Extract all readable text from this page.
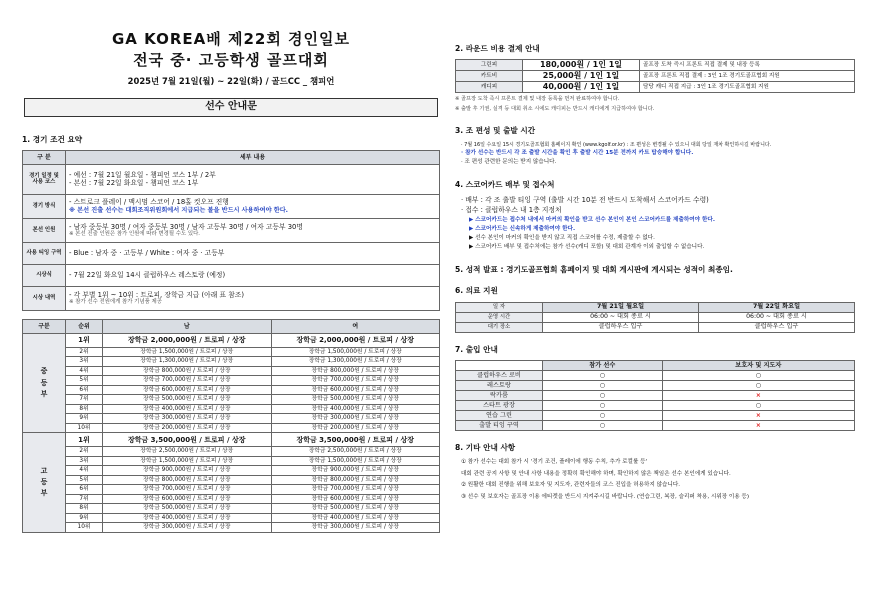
GA KOREA배 제22회 경인일보
전국 중· 고등학생 골프대회
2025년 7월 21일(월) ~ 22일(화) / 골드CC _ 챔피언
선수 안내문
1. 경기 조건 요약
구 분	세부 내용
경기 일정 및 사용 코스	- 예선 : 7월 21일 월요일 - 챔피언 코스 1부 / 2부
- 본선 : 7월 22일 화요일 - 챔피언 코스 1부

경기 방식	- 스트로크 플레이 / 맥시멈 스코어 / 18홀 컷오프 진행
※ 본선 진출 선수는 대회조직위원회에서 지급되는 볼을 반드시 사용하여야 한다.

본선 인원	- 남자 중등부 30명 / 여자 중등부 30명 / 남자 고등부 30명 / 여자 고등부 30명
※ 본선 진출 인원은 참가 인원에 따라 변경될 수도 있다.

사용 티잉 구역	- Blue : 남자 중 · 고등부 / White : 여자 중 · 고등부
시상식	- 7월 22일 화요일 14시 클럽하우스 레스토랑 (예정)
시상 내역	- 각 부별 1위 ~ 10위 : 트로피, 장학금 지급 (아래 표 참조)
※ 참가 선수 전원에게 참가 기념품 제공
구분	순위	남	여
중
등
부	1위	장학금 2,000,000원 / 트로피 / 상장	장학금 2,000,000원 / 트로피 / 상장
	2위	장학금 1,500,000원 / 트로피 / 상장	장학금 1,500,000원 / 트로피 / 상장
	3위	장학금 1,300,000원 / 트로피 / 상장	장학금 1,300,000원 / 트로피 / 상장
	4위	장학금 800,000원 / 트로피 / 상장	장학금 800,000원 / 트로피 / 상장
	5위	장학금 700,000원 / 트로피 / 상장	장학금 700,000원 / 트로피 / 상장
	6위	장학금 600,000원 / 트로피 / 상장	장학금 600,000원 / 트로피 / 상장
	7위	장학금 500,000원 / 트로피 / 상장	장학금 500,000원 / 트로피 / 상장
	8위	장학금 400,000원 / 트로피 / 상장	장학금 400,000원 / 트로피 / 상장
	9위	장학금 300,000원 / 트로피 / 상장	장학금 300,000원 / 트로피 / 상장
	10위	장학금 200,000원 / 트로피 / 상장	장학금 200,000원 / 트로피 / 상장
고
등
부	1위	장학금 3,500,000원 / 트로피 / 상장	장학금 3,500,000원 / 트로피 / 상장
	2위	장학금 2,500,000원 / 트로피 / 상장	장학금 2,500,000원 / 트로피 / 상장
	3위	장학금 1,500,000원 / 트로피 / 상장	장학금 1,500,000원 / 트로피 / 상장
	4위	장학금 900,000원 / 트로피 / 상장	장학금 900,000원 / 트로피 / 상장
	5위	장학금 800,000원 / 트로피 / 상장	장학금 800,000원 / 트로피 / 상장
	6위	장학금 700,000원 / 트로피 / 상장	장학금 700,000원 / 트로피 / 상장
	7위	장학금 600,000원 / 트로피 / 상장	장학금 600,000원 / 트로피 / 상장
	8위	장학금 500,000원 / 트로피 / 상장	장학금 500,000원 / 트로피 / 상장
	9위	장학금 400,000원 / 트로피 / 상장	장학금 400,000원 / 트로피 / 상장
	10위	장학금 300,000원 / 트로피 / 상장	장학금 300,000원 / 트로피 / 상장
2. 라운드 비용 결제 안내
그린피	180,000원 / 1인 1일	골프장 도착 즉시 프론트 직접 결제 및 내장 등록
카트비	25,000원 / 1인 1일	골프장 프론트 직접 결제 : 3인 1조 경기도골프협회 지원
캐디피	40,000원 / 1인 1일	담당 캐디 직접 지급 : 3인 1조 경기도골프협회 지원
※ 골프장 도착 즉시 프론트 결제 및 내장 등록을 먼저 완료하여야 합니다.
※ 출발 후 기권, 실격 등 대회 취소 시에도 캐디피는 반드시 캐디에게 지급하여야 합니다.
3. 조 편성 및 출발 시간
· 7월 16일 수요일 15시 경기도골프협회 홈페이지 확인 (www.kgolf.or.kr) : 조 편성은 변경될 수 있으니 대회 당일 재차 확인하시길 바랍니다.
· 참가 선수는 반드시 각 조 출발 시간을 확인 후 출발 시간 15분 전까지 카트 탑승해야 합니다.
· 조 편성 관련한 문의는 받지 않습니다.
4. 스코어카드 배부 및 접수처
· 배부 : 각 조 출발 티잉 구역 (출발 시간 10분 전 반드시 도착해서 스코어카드 수령)
· 접수 : 클럽하우스 내 1층 지정처
▶ 스코어카드는 접수처 내에서 마커의 확인을 받고 선수 본인이 본인 스코어카드를 제출하여야 한다.
▶ 스코어카드는 신속하게 제출하여야 한다.
▶ 선수 본인이 마커의 확인을 받지 않고 직접 스코어를 수정, 제출할 수 없다.
▶ 스코어카드 배부 및 접수처에는 참가 선수(캐디 포함) 및 대회 관계자 이외 출입할 수 없습니다.
5. 성적 발표 : 경기도골프협회 홈페이지 및 대회 게시판에 게시되는 성적이 최종임.
6. 의료 지원
일 자	7월 21일 월요일	7월 22일 화요일
운영 시간	06:00 ~ 대회 종료 시	06:00 ~ 대회 종료 시
대기 장소	클럽하우스 입구	클럽하우스 입구
7. 출입 안내
	참가 선수	보호자 및 지도자
클럽하우스 로비	○	○
레스토랑	○	○
락카룸	○	×
스타트 광장	○	○
연습 그린	○	×
출발 티잉 구역	○	×
8. 기타 안내 사항
① 참가 선수는 대회 참가 시 '경기 조건, 플레이에 행동 수칙, 추가 로컬룰 등'
대회 관련 공지 사항 및 안내 사항 내용을 정확히 확인해야 하며, 확인하지 않은 책임은 선수 본인에게 있습니다.
② 원활한 대회 진행을 위해 보호자 및 지도자, 관련자들의 코스 진입을 허용하지 않습니다.
③ 선수 및 보호자는 골프장 이용 에티켓을 반드시 지켜주시길 바랍니다. (연습그린, 복장, 슬리퍼 착용, 시위장 이용 등)
